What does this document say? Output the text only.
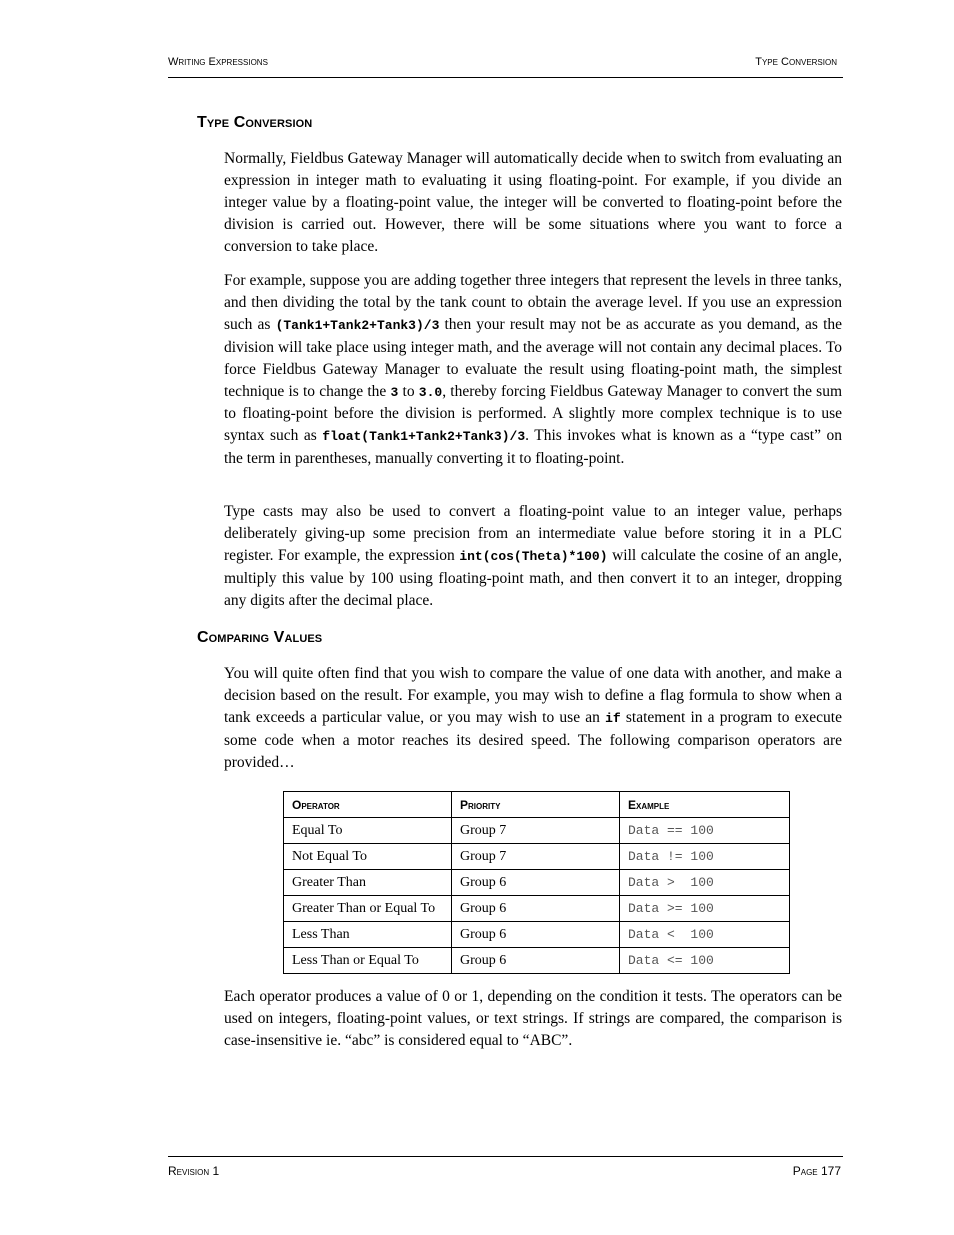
Writing Expressions	Type Conversion
Type Conversion

Normally, Fieldbus Gateway Manager will automatically decide when to switch from evaluating an expression in integer math to evaluating it using floating-point. For example, if you divide an integer value by a floating-point value, the integer will be converted to floating-point before the division is carried out. However, there will be some situations where you want to force a conversion to take place.

For example, suppose you are adding together three integers that represent the levels in three tanks, and then dividing the total by the tank count to obtain the average level. If you use an expression such as (Tank1+Tank2+Tank3)/3 then your result may not be as accurate as you demand, as the division will take place using integer math, and the average will not contain any decimal places. To force Fieldbus Gateway Manager to evaluate the result using floating-point math, the simplest technique is to change the 3 to 3.0, thereby forcing Fieldbus Gateway Manager to convert the sum to floating-point before the division is performed. A slightly more complex technique is to use syntax such as float(Tank1+Tank2+Tank3)/3. This invokes what is known as a “type cast” on the term in parentheses, manually converting it to floating-point.

Type casts may also be used to convert a floating-point value to an integer value, perhaps deliberately giving-up some precision from an intermediate value before storing it in a PLC register. For example, the expression int(cos(Theta)*100) will calculate the cosine of an angle, multiply this value by 100 using floating-point math, and then convert it to an integer, dropping any digits after the decimal place.

Comparing Values

You will quite often find that you wish to compare the value of one data with another, and make a decision based on the result. For example, you may wish to define a flag formula to show when a tank exceeds a particular value, or you may wish to use an if statement in a program to execute some code when a motor reaches its desired speed. The following comparison operators are provided…

Operator	Priority	Example
Equal To	Group 7	Data == 100
Not Equal To	Group 7	Data != 100
Greater Than	Group 6	Data >  100
Greater Than or Equal To	Group 6	Data >= 100
Less Than	Group 6	Data <  100
Less Than or Equal To	Group 6	Data <= 100

Each operator produces a value of 0 or 1, depending on the condition it tests. The operators can be used on integers, floating-point values, or text strings. If strings are compared, the comparison is case-insensitive ie. “abc” is considered equal to “ABC”.

Revision 1	Page 177
